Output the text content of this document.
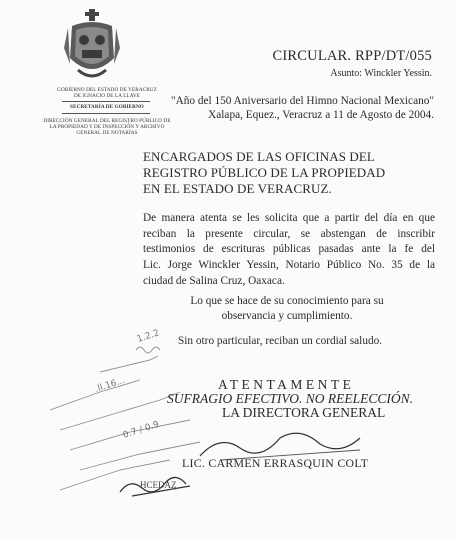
GOBIERNO DEL ESTADO DE VERACRUZ
DE IGNACIO DE LA LLAVE
SECRETARÍA DE GOBIERNO
DIRECCIÓN GENERAL DEL REGISTRO PÚBLICO DE
LA PROPIEDAD Y DE INSPECCIÓN Y ARCHIVO
GENERAL DE NOTARÍAS
CIRCULAR. RPP/DT/055
Asunto: Winckler Yessin.
"Año del 150 Aniversario del Himno Nacional Mexicano"
Xalapa, Equez., Veracruz a 11 de Agosto de 2004.
ENCARGADOS DE LAS OFICINAS DEL
REGISTRO PÚBLICO DE LA PROPIEDAD
EN EL ESTADO DE VERACRUZ.
De manera atenta se les solicita que a partir del día en que
reciban la presente circular, se abstengan de inscribir
testimonios de escrituras públicas pasadas ante la fe del
Lic. Jorge Winckler Yessin, Notario Público No. 35 de la
ciudad de Salina Cruz, Oaxaca.
Lo que se hace de su conocimiento para su
observancia y cumplimiento.
Sin otro particular, reciban un cordial saludo.
1.2.2
.ll.16...
0.7 / 0.9
HCEDAZ
ATENTAMENTE
SUFRAGIO EFECTIVO. NO REELECCIÓN.
LA DIRECTORA GENERAL
LIC. CARMEN ERRASQUIN COLT
